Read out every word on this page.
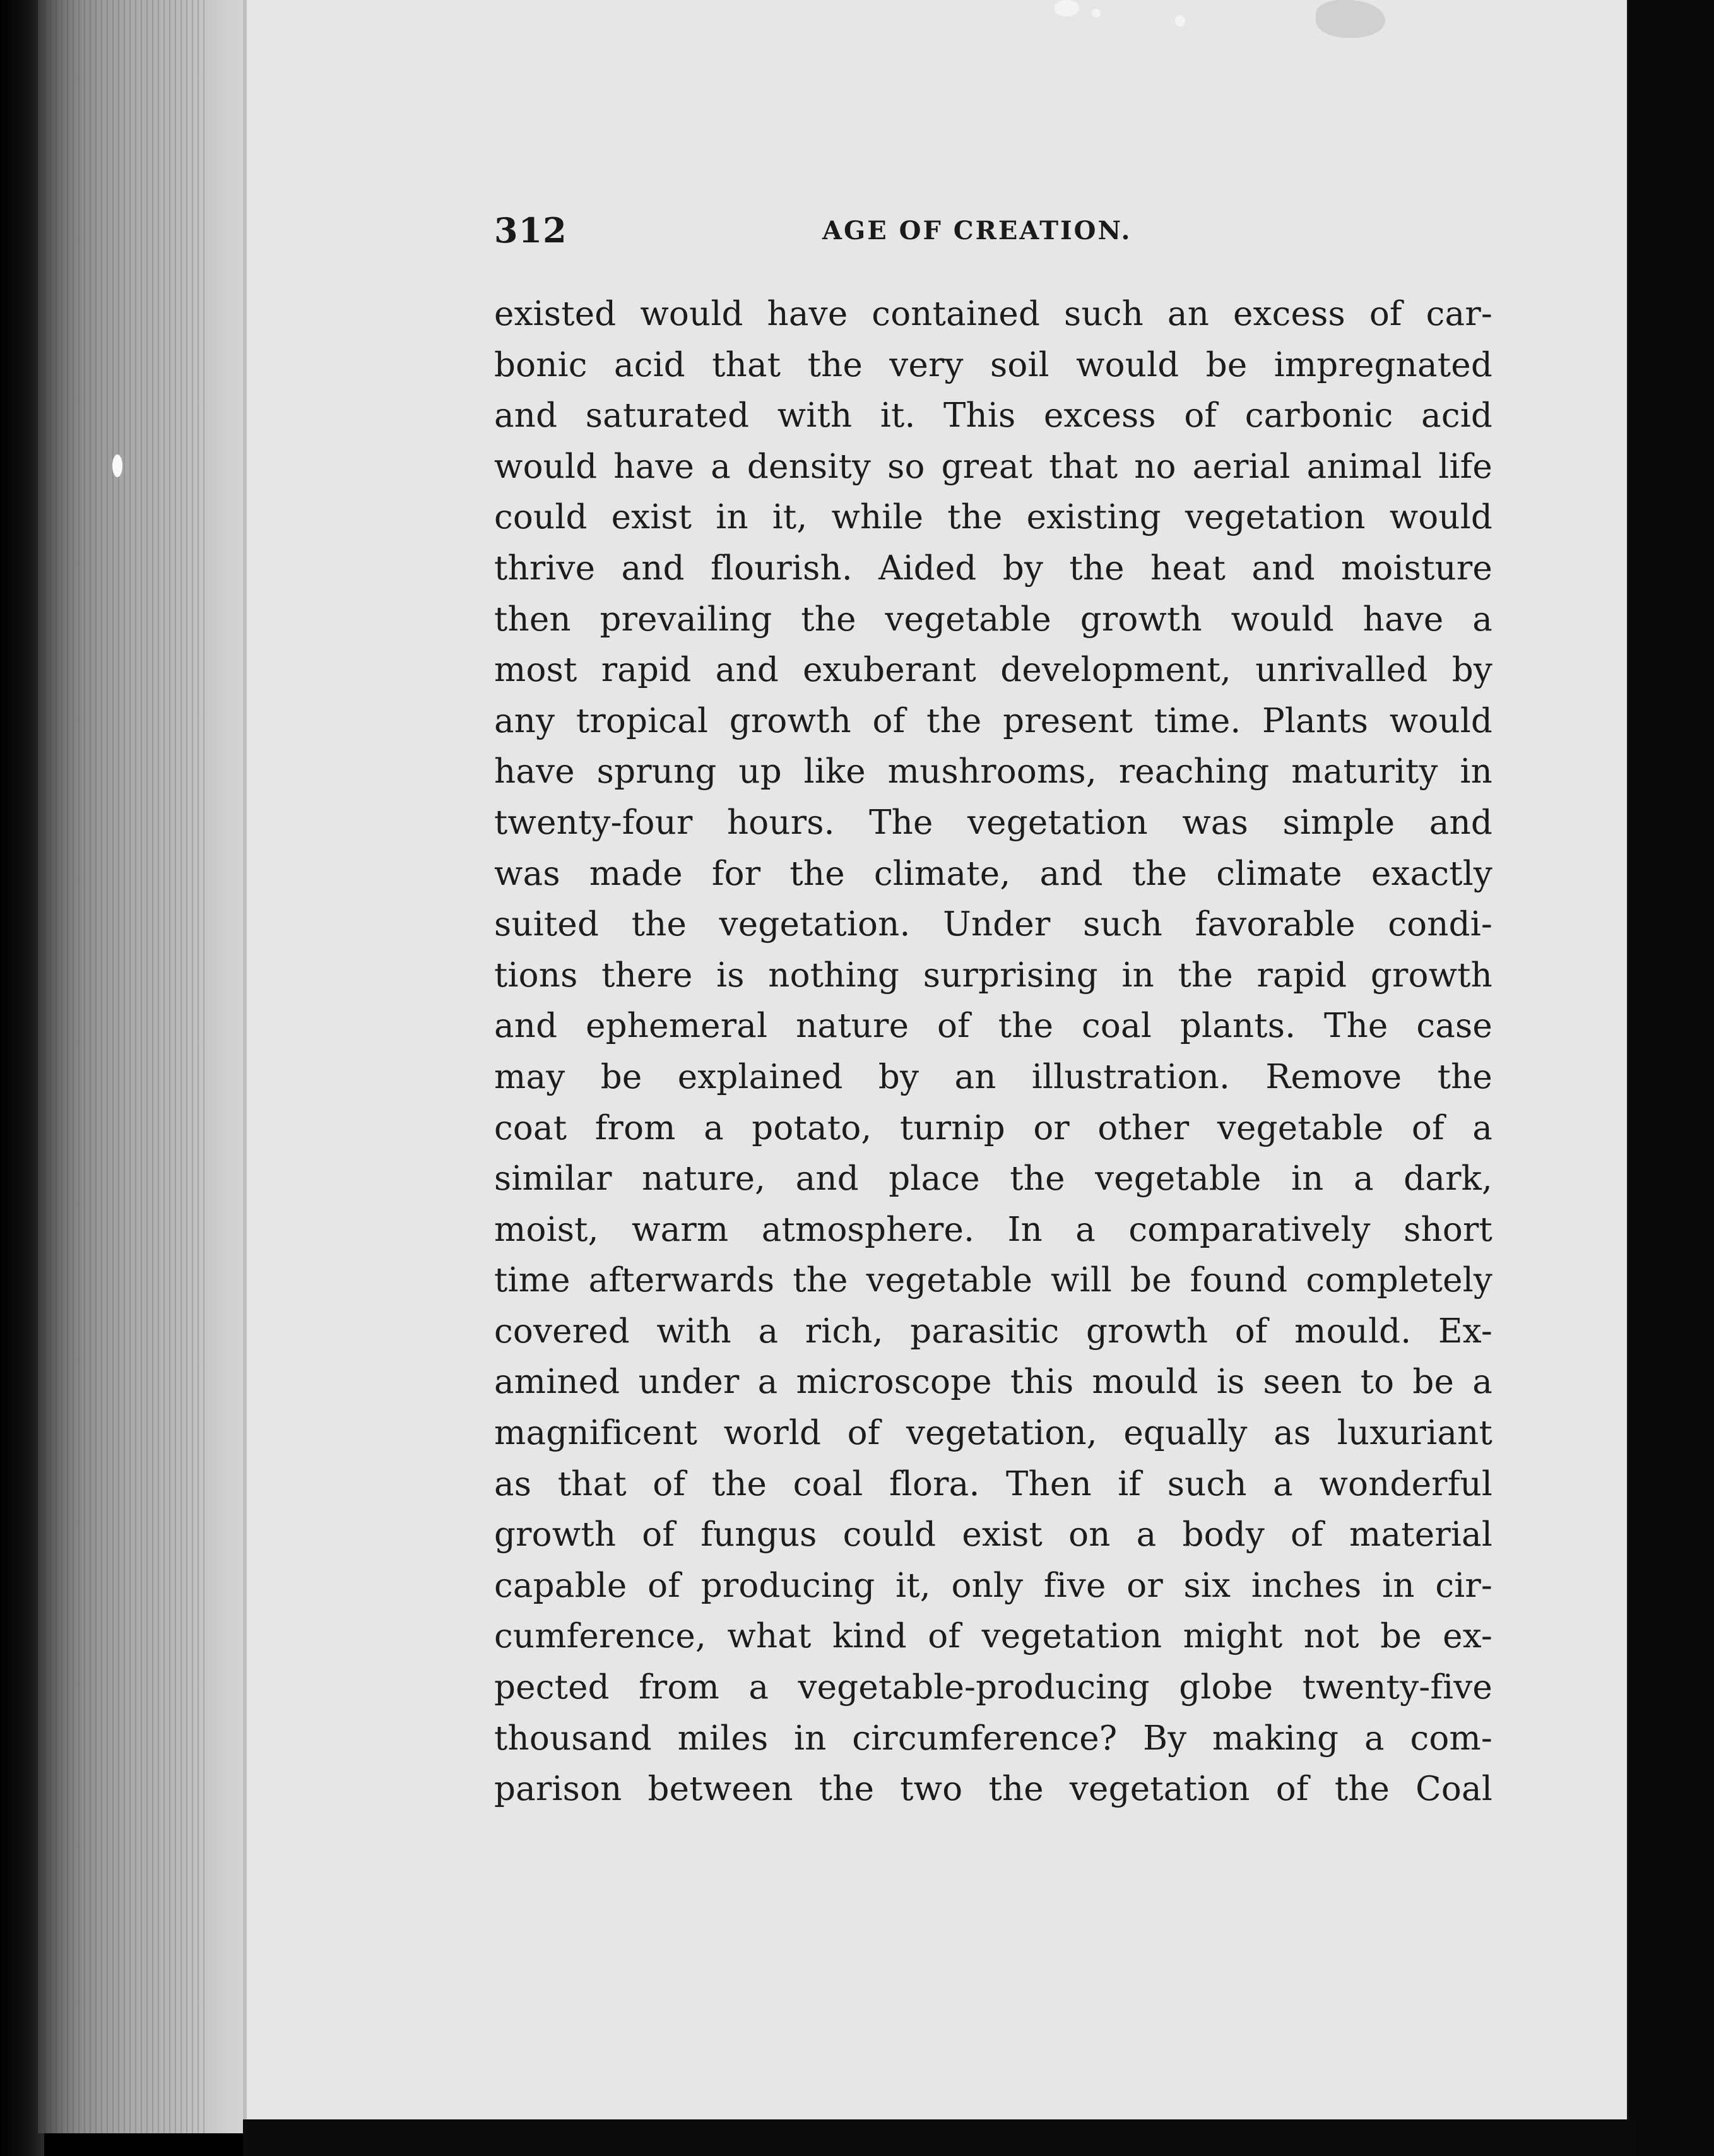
312	AGE OF CREATION.
existed would have contained such an excess of car-
bonic acid that the very soil would be impregnated
and saturated with it. This excess of carbonic acid
would have a density so great that no aerial animal life
could exist in it, while the existing vegetation would
thrive and flourish. Aided by the heat and moisture
then prevailing the vegetable growth would have a
most rapid and exuberant development, unrivalled by
any tropical growth of the present time. Plants would
have sprung up like mushrooms, reaching maturity in
twenty-four hours. The vegetation was simple and
was made for the climate, and the climate exactly
suited the vegetation. Under such favorable condi-
tions there is nothing surprising in the rapid growth
and ephemeral nature of the coal plants. The case
may be explained by an illustration. Remove the
coat from a potato, turnip or other vegetable of a
similar nature, and place the vegetable in a dark,
moist, warm atmosphere. In a comparatively short
time afterwards the vegetable will be found completely
covered with a rich, parasitic growth of mould. Ex-
amined under a microscope this mould is seen to be a
magnificent world of vegetation, equally as luxuriant
as that of the coal flora. Then if such a wonderful
growth of fungus could exist on a body of material
capable of producing it, only five or six inches in cir-
cumference, what kind of vegetation might not be ex-
pected from a vegetable-producing globe twenty-five
thousand miles in circumference? By making a com-
parison between the two the vegetation of the Coal
